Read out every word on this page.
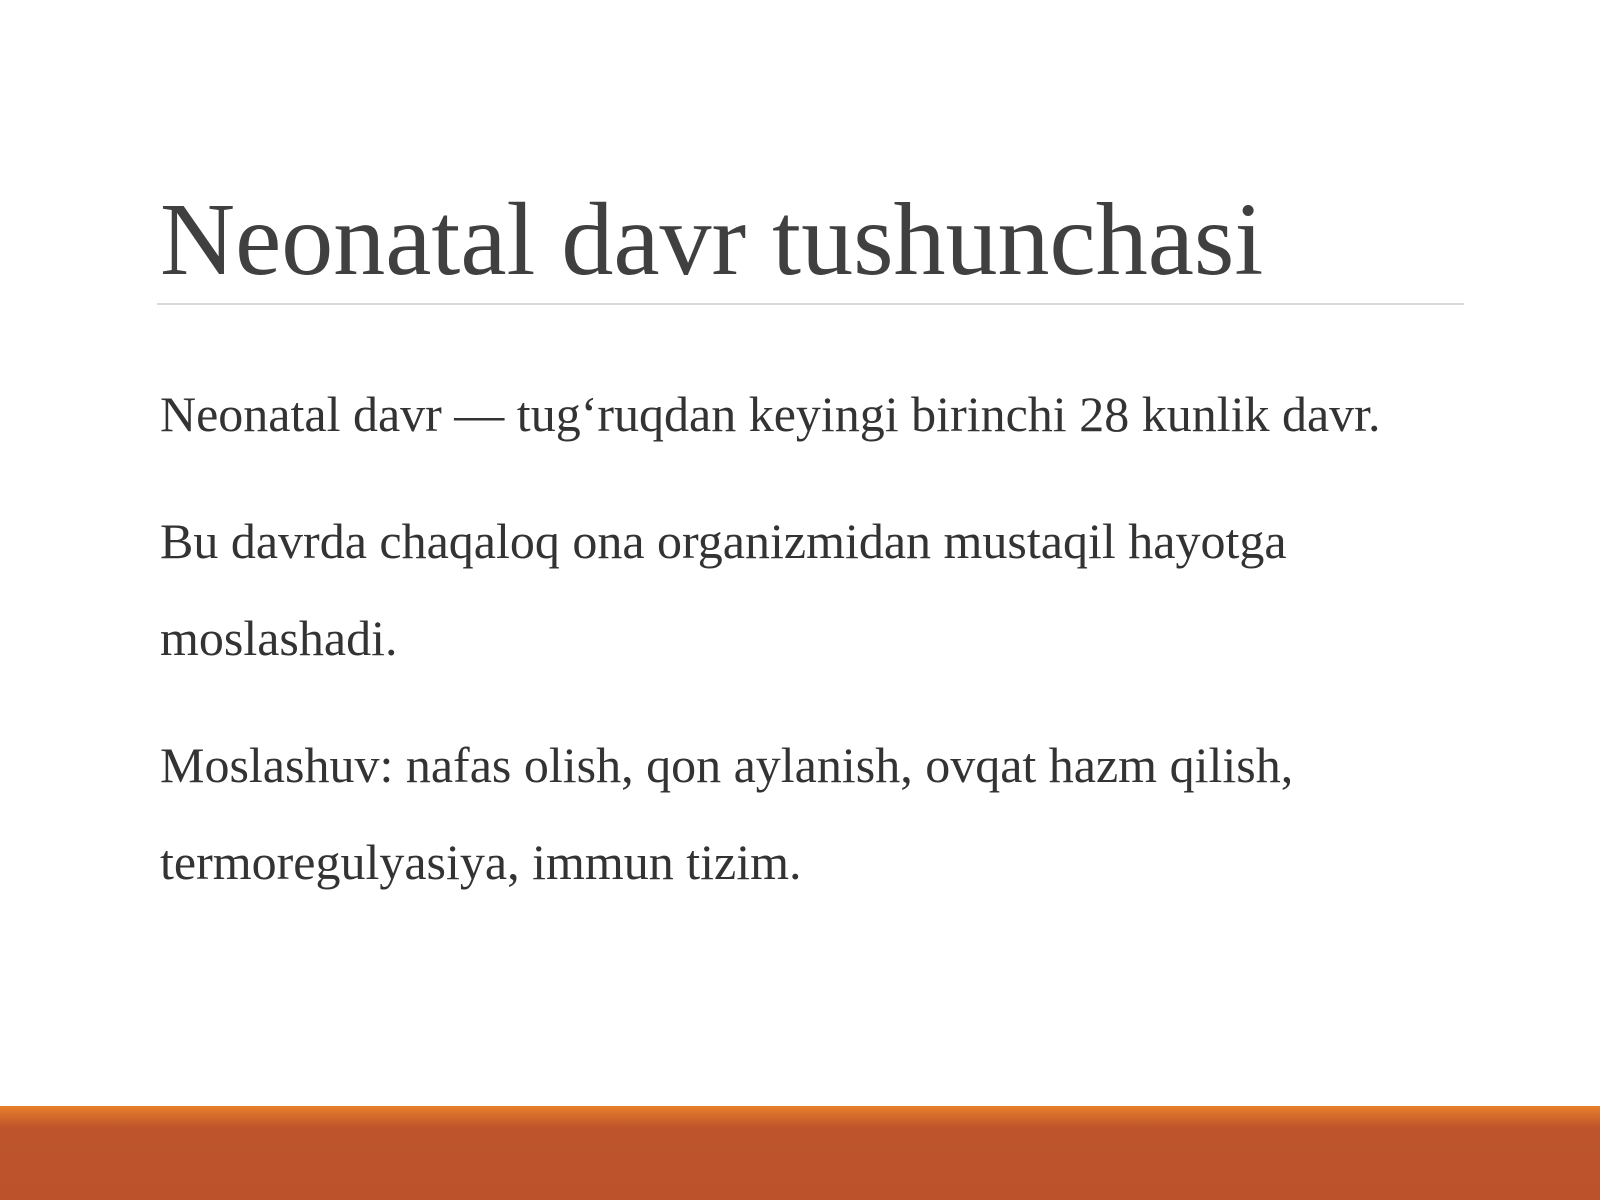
Neonatal davr tushunchasi

Neonatal davr — tug‘ruqdan keyingi birinchi 28 kunlik davr.

Bu davrda chaqaloq ona organizmidan mustaqil hayotga moslashadi.

Moslashuv: nafas olish, qon aylanish, ovqat hazm qilish, termoregulyasiya, immun tizim.
